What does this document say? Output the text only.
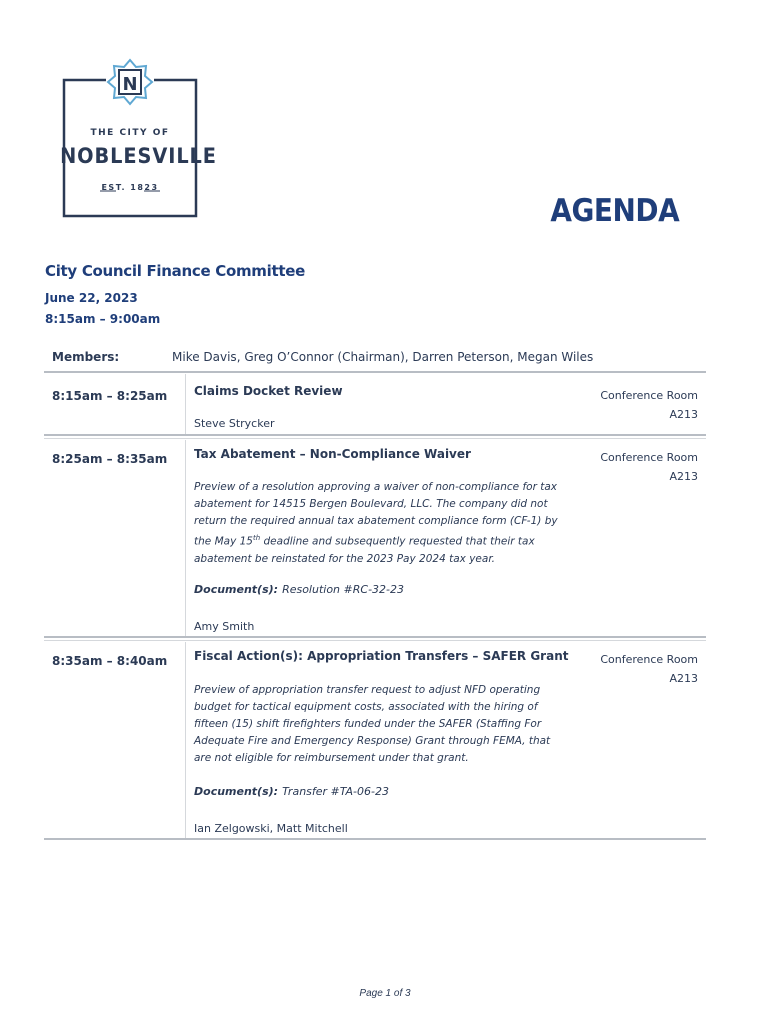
N
THE CITY OF
NOBLESVILLE
EST. 1823
AGENDA
City Council Finance Committee
June 22, 2023
8:15am – 9:00am
Members:	Mike Davis, Greg O’Connor (Chairman), Darren Peterson, Megan Wiles
8:15am – 8:25am Claims Docket Review	Conference Room
A213
Steve Strycker
8:25am – 8:35am Tax Abatement – Non-Compliance Waiver	Conference Room
A213
Preview of a resolution approving a waiver of non-compliance for tax abatement for 14515 Bergen Boulevard, LLC. The company did not return the required annual tax abatement compliance form (CF-1) by the May 15th deadline and subsequently requested that their tax abatement be reinstated for the 2023 Pay 2024 tax year.
Document(s): Resolution #RC-32-23
Amy Smith
8:35am – 8:40am Fiscal Action(s): Appropriation Transfers – SAFER Grant	Conference Room
A213
Preview of appropriation transfer request to adjust NFD operating budget for tactical equipment costs, associated with the hiring of fifteen (15) shift firefighters funded under the SAFER (Staffing For Adequate Fire and Emergency Response) Grant through FEMA, that are not eligible for reimbursement under that grant.
Document(s): Transfer #TA-06-23
Ian Zelgowski, Matt Mitchell
Page 1 of 3
